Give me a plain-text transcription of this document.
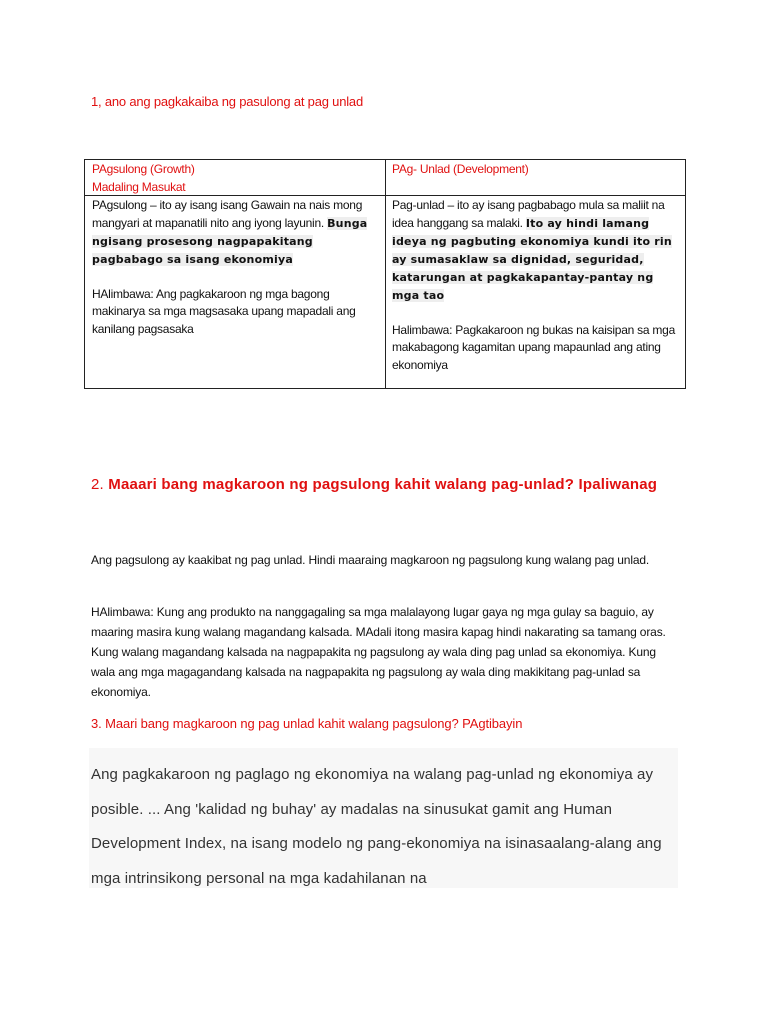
1, ano ang pagkakaiba ng pasulong at pag unlad
PAgsulong (Growth)
Madaling Masukat
PAg- Unlad (Development)
PAgsulong – ito ay isang isang Gawain na nais mong mangyari at mapanatili nito ang iyong layunin. Bunga ngisang prosesong nagpapakitang pagbabago sa isang ekonomiya
HAlimbawa: Ang pagkakaroon ng mga bagong makinarya sa mga magsasaka upang mapadali ang kanilang pagsasaka
Pag-unlad – ito ay isang pagbabago mula sa maliit na idea hanggang sa malaki. Ito ay hindi lamang ideya ng pagbuting ekonomiya kundi ito rin ay sumasaklaw sa dignidad, seguridad, katarungan at pagkakapantay-pantay ng mga tao
Halimbawa: Pagkakaroon ng bukas na kaisipan sa mga makabagong kagamitan upang mapaunlad ang ating ekonomiya
2. Maaari bang magkaroon ng pagsulong kahit walang pag-unlad? Ipaliwanag
Ang pagsulong ay kaakibat ng pag unlad. Hindi maaraing magkaroon ng pagsulong kung walang pag unlad.
HAlimbawa: Kung ang produkto na nanggagaling sa mga malalayong lugar gaya ng mga gulay sa baguio, ay maaring masira kung walang magandang kalsada. MAdali itong masira kapag hindi nakarating sa tamang oras. Kung walang magandang kalsada na nagpapakita ng pagsulong ay wala ding pag unlad sa ekonomiya. Kung wala ang mga magagandang kalsada na nagpapakita ng pagsulong ay wala ding makikitang pag-unlad sa ekonomiya.
3. Maari bang magkaroon ng pag unlad kahit walang pagsulong? PAgtibayin
Ang pagkakaroon ng paglago ng ekonomiya na walang pag-unlad ng ekonomiya ay posible. ... Ang 'kalidad ng buhay' ay madalas na sinusukat gamit ang Human Development Index, na isang modelo ng pang-ekonomiya na isinasaalang-alang ang mga intrinsikong personal na mga kadahilanan na
